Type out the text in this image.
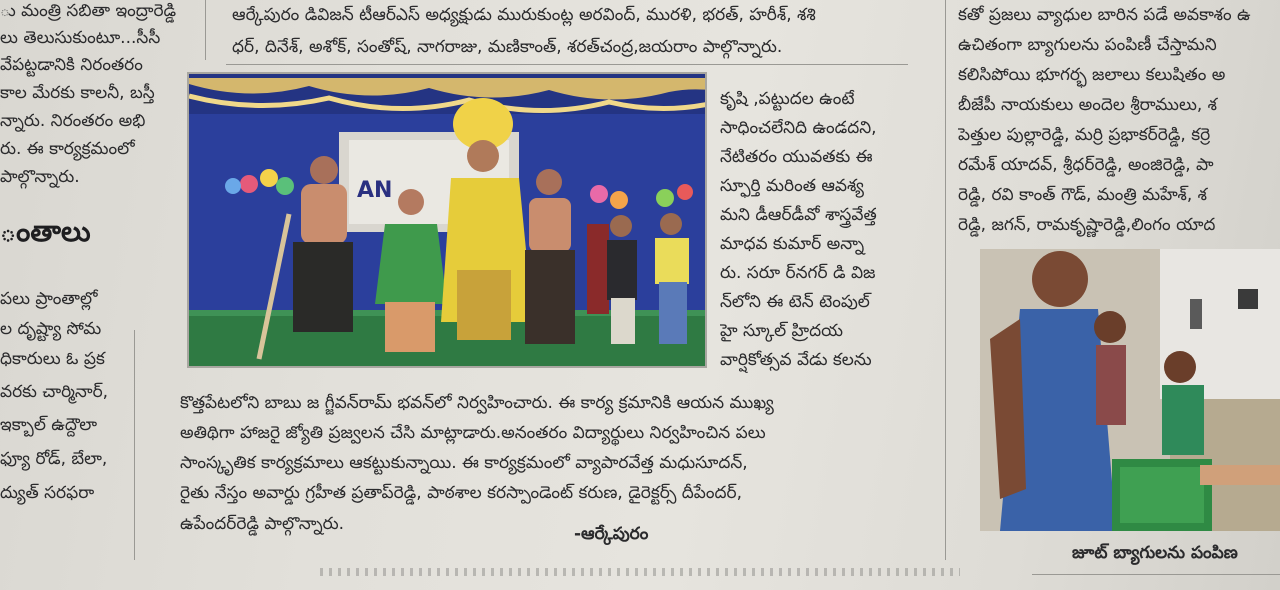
ు మంత్రి సబితా ఇంద్రారెడ్డి
లు తెలుసుకుంటూ...సీసీ
వేపట్టడానికి నిరంతరం
కాల మేరకు కాలనీ, బస్తీ
న్నారు. నిరంతరం అభి
రు. ఈ కార్యక్రమంలో
పాల్గొన్నారు.
ంతాలు
పలు ప్రాంతాల్లో
ల దృష్ట్యా సోమ
ధికారులు ఓ ప్రక
వరకు చార్మినార్,
ఇక్బాల్ ఉద్దౌలా
ఫ్యూ రోడ్, బేలా,
ద్యుత్ సరఫరా
ఆర్కేపురం డివిజన్ టీఆర్ఎస్ అధ్యక్షుడు మురుకుంట్ల అరవింద్, మురళి, భరత్, హరీశ్, శశి
ధర్, దినేశ్, అశోక్, సంతోష్, నాగరాజు, మణికాంత్, శరత్‌చంద్ర,జయరాం పాల్గొన్నారు.
AN
కృషి ,పట్టుదల ఉంటే
సాధించలేనిది ఉండదని,
నేటితరం యువతకు ఈ
స్ఫూర్తి మరింత ఆవశ్య
మని డీఆర్‌డీవో శాస్త్రవేత్త
మాధవ కుమార్ అన్నా
రు. సరూ ర్‌నగర్ డి విజ
న్‌లోని ఈ టెన్ టెంపుల్
హై స్కూల్ హ్రిదయ
వార్షికోత్సవ వేడు కలను
కొత్తపేటలోని బాబు జ గ్జీవన్‌రామ్ భవన్‌లో నిర్వహించారు. ఈ కార్య క్రమానికి ఆయన ముఖ్య
అతిథిగా హాజరై జ్యోతి ప్రజ్వలన చేసి మాట్లాడారు.అనంతరం విద్యార్థులు నిర్వహించిన పలు
సాంస్కృతిక కార్యక్రమాలు ఆకట్టుకున్నాయి. ఈ కార్యక్రమంలో వ్యాపారవేత్త మధుసూదన్,
రైతు నేస్తం అవార్డు గ్రహీత ప్రతాప్‌రెడ్డి, పాఠశాల కరస్పాండెంట్ కరుణ, డైరెక్టర్స్ దీపేందర్,
ఉపేందర్‌రెడ్డి పాల్గొన్నారు.	-ఆర్కేపురం
కతో ప్రజలు వ్యాధుల బారిన పడే అవకాశం ఉ
ఉచితంగా బ్యాగులను పంపిణీ చేస్తామని
కలిసిపోయి భూగర్భ జలాలు కలుషితం అ
బీజేపీ నాయకులు అందెల శ్రీరాములు, శ
పెత్తుల పుల్లారెడ్డి, మర్రి ప్రభాకర్‌రెడ్డి, కర్రె
రమేశ్ యాదవ్, శ్రీధర్‌రెడ్డి, అంజిరెడ్డి, పా
రెడ్డి, రవి కాంత్ గౌడ్, మంత్రి మహేశ్, శ
రెడ్డి, జగన్, రామకృష్ణారెడ్డి,లింగం యాద
జూట్ బ్యాగులను పంపిణ
